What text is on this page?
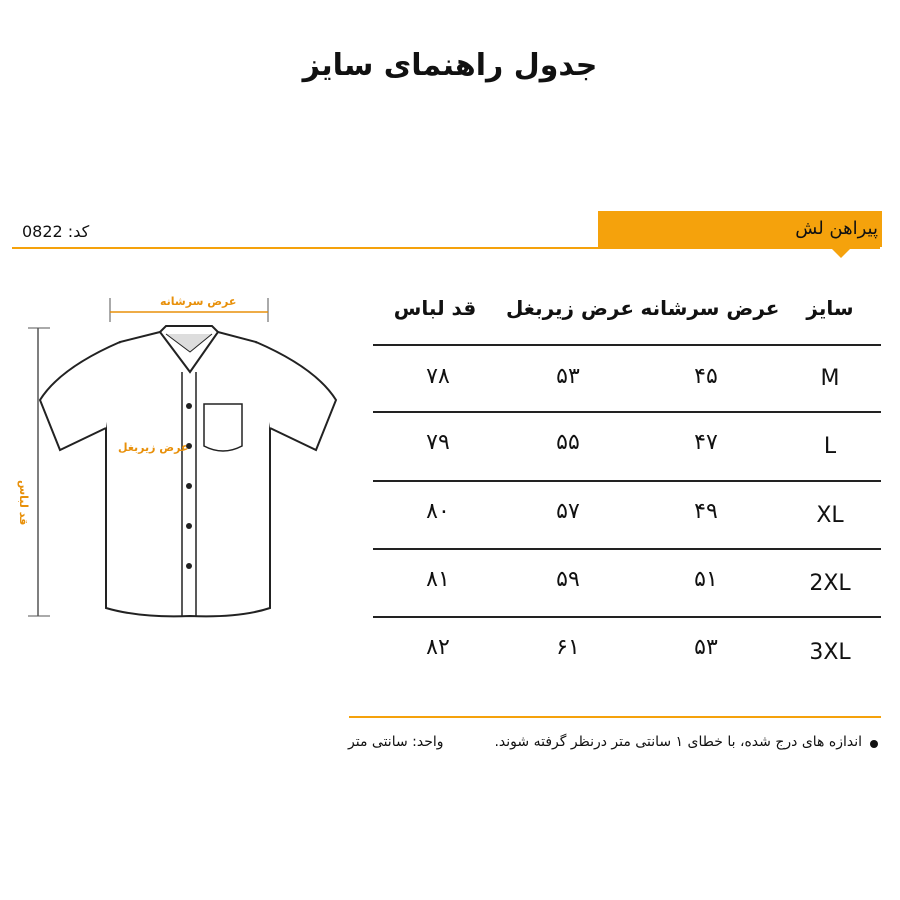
جدول راهنمای سایز
پیراهن لش
کد: 0822
عرض سرشانه
عرض زیربغل
قد لباس
سایز
عرض سرشانه
عرض زیربغل
قد لباس
M
۴۵
۵۳
۷۸
L
۴۷
۵۵
۷۹
XL
۴۹
۵۷
۸۰
2XL
۵۱
۵۹
۸۱
3XL
۵۳
۶۱
۸۲
اندازه های درج شده، با خطای ۱ سانتی متر درنظر گرفته شوند.
واحد: سانتی متر
